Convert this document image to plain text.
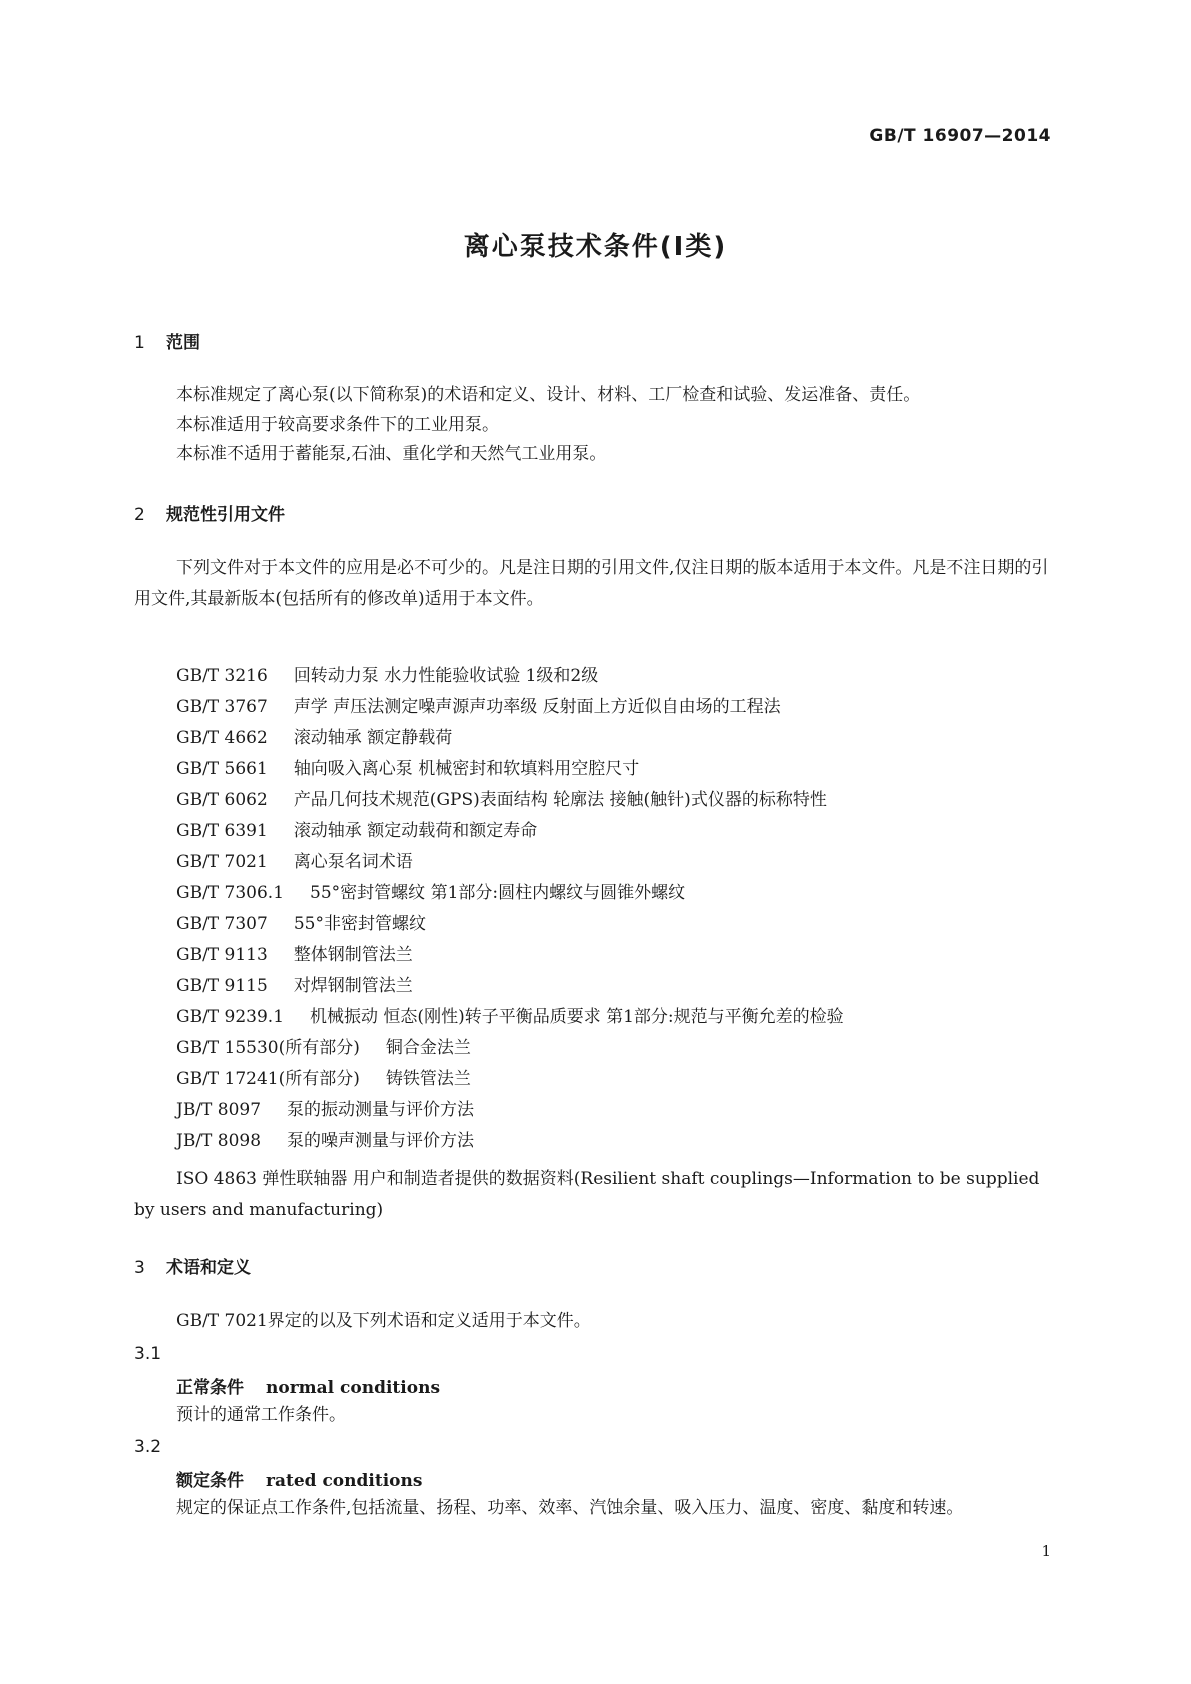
GB/T 16907—2014
离心泵技术条件(Ⅰ类)
1 范围
本标准规定了离心泵(以下简称泵)的术语和定义、设计、材料、工厂检查和试验、发运准备、责任。
本标准适用于较高要求条件下的工业用泵。
本标准不适用于蓄能泵,石油、重化学和天然气工业用泵。
2 规范性引用文件
下列文件对于本文件的应用是必不可少的。凡是注日期的引用文件,仅注日期的版本适用于本文件。凡是不注日期的引用文件,其最新版本(包括所有的修改单)适用于本文件。
GB/T 3216 回转动力泵 水力性能验收试验 1级和2级
GB/T 3767 声学 声压法测定噪声源声功率级 反射面上方近似自由场的工程法
GB/T 4662 滚动轴承 额定静载荷
GB/T 5661 轴向吸入离心泵 机械密封和软填料用空腔尺寸
GB/T 6062 产品几何技术规范(GPS)表面结构 轮廓法 接触(触针)式仪器的标称特性
GB/T 6391 滚动轴承 额定动载荷和额定寿命
GB/T 7021 离心泵名词术语
GB/T 7306.1 55°密封管螺纹 第1部分:圆柱内螺纹与圆锥外螺纹
GB/T 7307 55°非密封管螺纹
GB/T 9113 整体钢制管法兰
GB/T 9115 对焊钢制管法兰
GB/T 9239.1 机械振动 恒态(刚性)转子平衡品质要求 第1部分:规范与平衡允差的检验
GB/T 15530(所有部分) 铜合金法兰
GB/T 17241(所有部分) 铸铁管法兰
JB/T 8097 泵的振动测量与评价方法
JB/T 8098 泵的噪声测量与评价方法
ISO 4863 弹性联轴器 用户和制造者提供的数据资料(Resilient shaft couplings—Information to be supplied by users and manufacturing)
3 术语和定义
GB/T 7021界定的以及下列术语和定义适用于本文件。
3.1
正常条件 normal conditions
预计的通常工作条件。
3.2
额定条件 rated conditions
规定的保证点工作条件,包括流量、扬程、功率、效率、汽蚀余量、吸入压力、温度、密度、黏度和转速。
1
